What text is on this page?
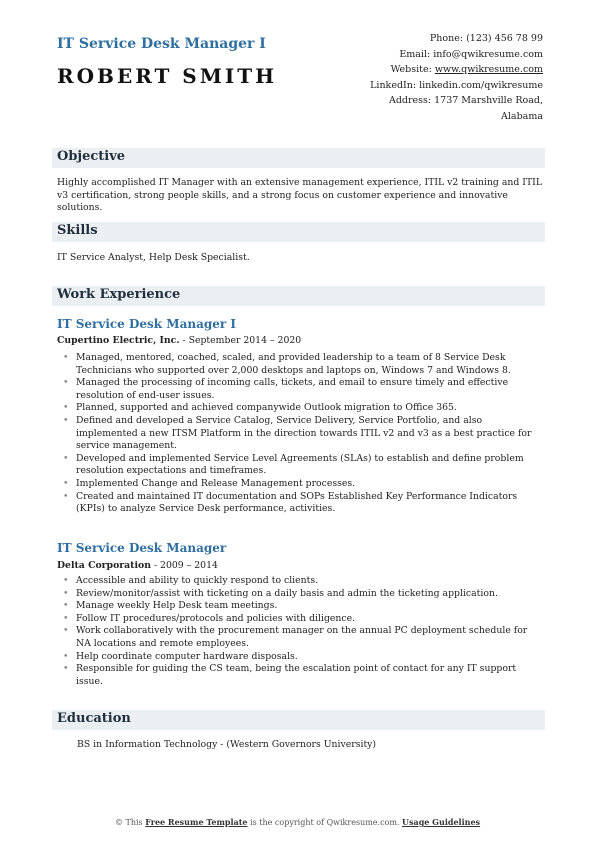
IT Service Desk Manager I
ROBERT SMITH
Phone: (123) 456 78 99
Email: info@qwikresume.com
Website: www.qwikresume.com
LinkedIn: linkedin.com/qwikresume
Address: 1737 Marshville Road,
Alabama
Objective
Highly accomplished IT Manager with an extensive management experience, ITIL v2 training and ITIL v3 certification, strong people skills, and a strong focus on customer experience and innovative solutions.
Skills
IT Service Analyst, Help Desk Specialist.
Work Experience
IT Service Desk Manager I
Cupertino Electric, Inc. - September 2014 – 2020
• Managed, mentored, coached, scaled, and provided leadership to a team of 8 Service Desk Technicians who supported over 2,000 desktops and laptops on, Windows 7 and Windows 8.
• Managed the processing of incoming calls, tickets, and email to ensure timely and effective resolution of end-user issues.
• Planned, supported and achieved companywide Outlook migration to Office 365.
• Defined and developed a Service Catalog, Service Delivery, Service Portfolio, and also implemented a new ITSM Platform in the direction towards ITIL v2 and v3 as a best practice for service management.
• Developed and implemented Service Level Agreements (SLAs) to establish and define problem resolution expectations and timeframes.
• Implemented Change and Release Management processes.
• Created and maintained IT documentation and SOPs Established Key Performance Indicators (KPIs) to analyze Service Desk performance, activities.
IT Service Desk Manager
Delta Corporation - 2009 – 2014
• Accessible and ability to quickly respond to clients.
• Review/monitor/assist with ticketing on a daily basis and admin the ticketing application.
• Manage weekly Help Desk team meetings.
• Follow IT procedures/protocols and policies with diligence.
• Work collaboratively with the procurement manager on the annual PC deployment schedule for NA locations and remote employees.
• Help coordinate computer hardware disposals.
• Responsible for guiding the CS team, being the escalation point of contact for any IT support issue.
Education
BS in Information Technology - (Western Governors University)
© This Free Resume Template is the copyright of Qwikresume.com. Usage Guidelines
